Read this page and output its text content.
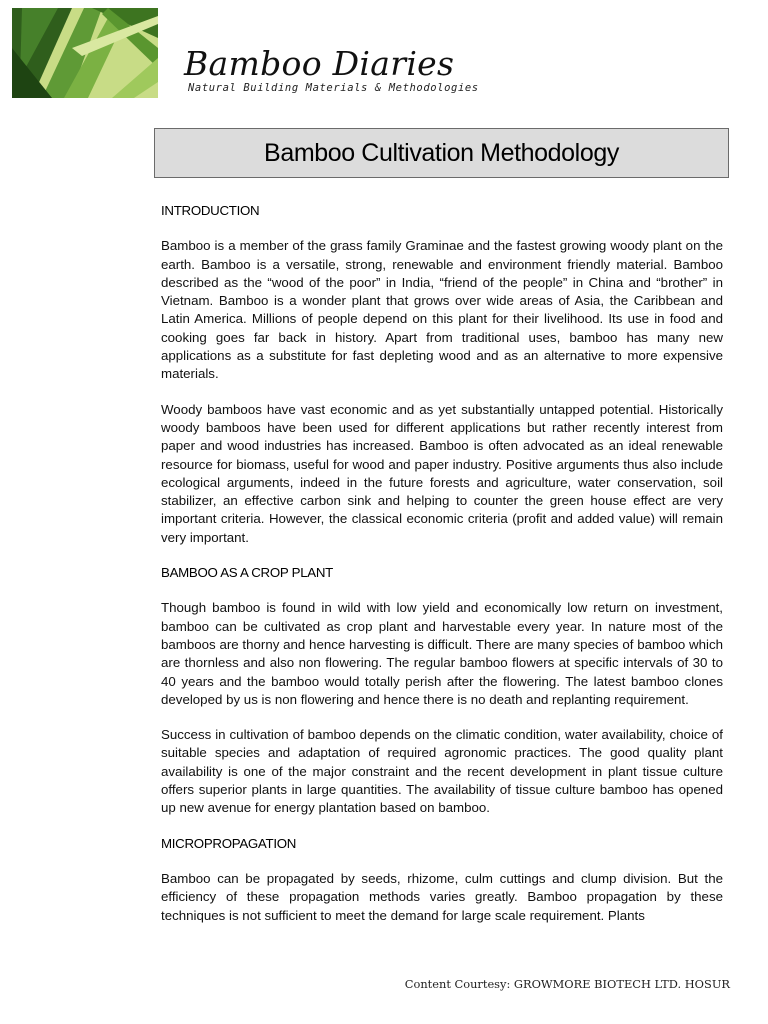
Bamboo Diaries
Natural Building Materials & Methodologies
Bamboo Cultivation Methodology
INTRODUCTION

Bamboo is a member of the grass family Graminae and the fastest growing woody plant on the earth. Bamboo is a versatile, strong, renewable and environment friendly material. Bamboo described as the “wood of the poor” in India, “friend of the people” in China and “brother” in Vietnam. Bamboo is a wonder plant that grows over wide areas of Asia, the Caribbean and Latin America. Millions of people depend on this plant for their livelihood. Its use in food and cooking goes far back in history. Apart from traditional uses, bamboo has many new applications as a substitute for fast depleting wood and as an alternative to more expensive materials.

Woody bamboos have vast economic and as yet substantially untapped potential. Historically woody bamboos have been used for different applications but rather recently interest from paper and wood industries has increased. Bamboo is often advocated as an ideal renewable resource for biomass, useful for wood and paper industry. Positive arguments thus also include ecological arguments, indeed in the future forests and agriculture, water conservation, soil stabilizer, an effective carbon sink and helping to counter the green house effect are very important criteria. However, the classical economic criteria (profit and added value) will remain very important.

BAMBOO AS A CROP PLANT

Though bamboo is found in wild with low yield and economically low return on investment, bamboo can be cultivated as crop plant and harvestable every year. In nature most of the bamboos are thorny and hence harvesting is difficult. There are many species of bamboo which are thornless and also non flowering. The regular bamboo flowers at specific intervals of 30 to 40 years and the bamboo would totally perish after the flowering. The latest bamboo clones developed by us is non flowering and hence there is no death and replanting requirement.

Success in cultivation of bamboo depends on the climatic condition, water availability, choice of suitable species and adaptation of required agronomic practices. The good quality plant availability is one of the major constraint and the recent development in plant tissue culture offers superior plants in large quantities. The availability of tissue culture bamboo has opened up new avenue for energy plantation based on bamboo.

MICROPROPAGATION

Bamboo can be propagated by seeds, rhizome, culm cuttings and clump division. But the efficiency of these propagation methods varies greatly. Bamboo propagation by these techniques is not sufficient to meet the demand for large scale requirement. Plants

Content Courtesy: GROWMORE BIOTECH LTD. HOSUR
